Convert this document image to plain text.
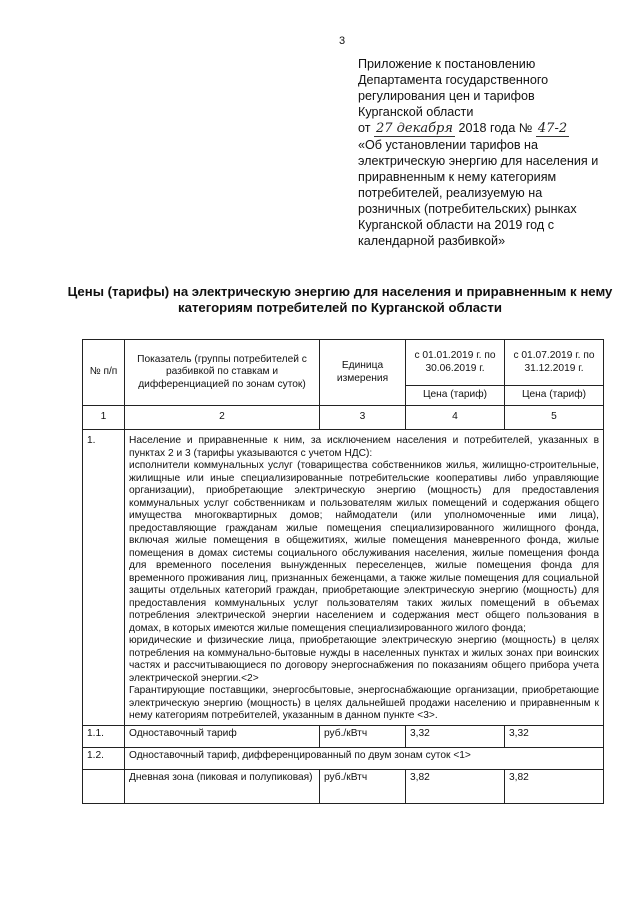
3
Приложение к постановлению
Департамента государственного
регулирования цен и тарифов
Курганской области
от 27 декабря 2018 года № 47-2
«Об установлении тарифов на
электрическую энергию для населения и
приравненным к нему категориям
потребителей, реализуемую на
розничных (потребительских) рынках
Курганской области на 2019 год с
календарной разбивкой»
Цены (тарифы) на электрическую энергию для населения и приравненным к нему категориям потребителей по Курганской области
№ п/п	Показатель (группы потребителей с разбивкой по ставкам и дифференциацией по зонам суток)	Единица измерения	с 01.01.2019 г. по 30.06.2019 г.	с 01.07.2019 г. по 31.12.2019 г.
			Цена (тариф)	Цена (тариф)
1	2	3	4	5
1.	Население и приравненные к ним, за исключением населения и потребителей, указанных в пунктах 2 и 3 (тарифы указываются с учетом НДС):
исполнители коммунальных услуг (товарищества собственников жилья, жилищно-строительные, жилищные или иные специализированные потребительские кооперативы либо управляющие организации), приобретающие электрическую энергию (мощность) для предоставления коммунальных услуг собственникам и пользователям жилых помещений и содержания общего имущества многоквартирных домов; наймодатели (или уполномоченные ими лица), предоставляющие гражданам жилые помещения специализированного жилищного фонда, включая жилые помещения в общежитиях, жилые помещения маневренного фонда, жилые помещения в домах системы социального обслуживания населения, жилые помещения фонда для временного поселения вынужденных переселенцев, жилые помещения фонда для временного проживания лиц, признанных беженцами, а также жилые помещения для социальной защиты отдельных категорий граждан, приобретающие электрическую энергию (мощность) для предоставления коммунальных услуг пользователям таких жилых помещений в объемах потребления электрической энергии населением и содержания мест общего пользования в домах, в которых имеются жилые помещения специализированного жилого фонда;
юридические и физические лица, приобретающие электрическую энергию (мощность) в целях потребления на коммунально-бытовые нужды в населенных пунктах и жилых зонах при воинских частях и рассчитывающиеся по договору энергоснабжения по показаниям общего прибора учета электрической энергии.<2>
Гарантирующие поставщики, энергосбытовые, энергоснабжающие организации, приобретающие электрическую энергию (мощность) в целях дальнейшей продажи населению и приравненным к нему категориям потребителей, указанным в данном пункте <3>.			

1.1.	Одноставочный тариф	руб./кВтч	3,32	3,32
1.2.	Одноставочный тариф, дифференцированный по двум зонам суток <1>			
	Дневная зона (пиковая и полупиковая)	руб./кВтч	3,82	3,82
